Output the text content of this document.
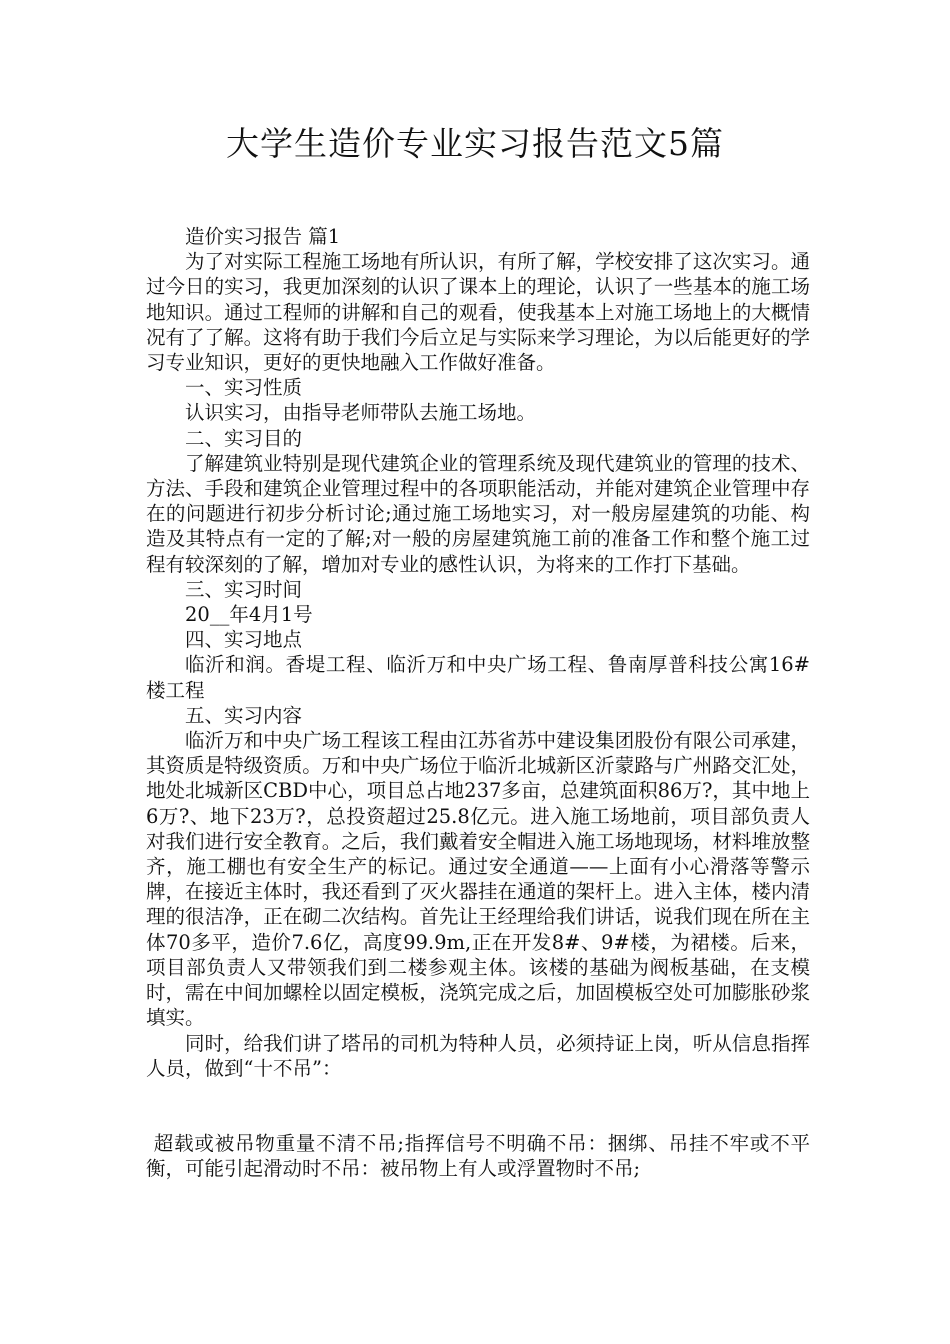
大学生造价专业实习报告范文5篇

造价实习报告 篇1

为了对实际工程施工场地有所认识，有所了解，学校安排了这次实习。通过今日的实习，我更加深刻的认识了课本上的理论，认识了一些基本的施工场地知识。通过工程师的讲解和自己的观看，使我基本上对施工场地上的大概情况有了了解。这将有助于我们今后立足与实际来学习理论，为以后能更好的学习专业知识，更好的更快地融入工作做好准备。

一、实习性质

认识实习，由指导老师带队去施工场地。

二、实习目的

了解建筑业特别是现代建筑企业的管理系统及现代建筑业的管理的技术、方法、手段和建筑企业管理过程中的各项职能活动，并能对建筑企业管理中存在的问题进行初步分析讨论;通过施工场地实习，对一般房屋建筑的功能、构造及其特点有一定的了解;对一般的房屋建筑施工前的准备工作和整个施工过程有较深刻的了解，增加对专业的感性认识，为将来的工作打下基础。

三、实习时间

20__年4月1号

四、实习地点

临沂和润。香堤工程、临沂万和中央广场工程、鲁南厚普科技公寓16#楼工程

五、实习内容

临沂万和中央广场工程该工程由江苏省苏中建设集团股份有限公司承建，其资质是特级资质。万和中央广场位于临沂北城新区沂蒙路与广州路交汇处，地处北城新区CBD中心，项目总占地237多亩，总建筑面积86万?，其中地上6万?、地下23万?，总投资超过25.8亿元。进入施工场地前，项目部负责人对我们进行安全教育。之后，我们戴着安全帽进入施工场地现场，材料堆放整齐，施工棚也有安全生产的标记。通过安全通道——上面有小心滑落等警示牌，在接近主体时，我还看到了灭火器挂在通道的架杆上。进入主体，楼内清理的很洁净，正在砌二次结构。首先让王经理给我们讲话，说我们现在所在主体70多平，造价7.6亿，高度99.9m,正在开发8#、9#楼，为裙楼。后来，项目部负责人又带领我们到二楼参观主体。该楼的基础为阀板基础，在支模时，需在中间加螺栓以固定模板，浇筑完成之后，加固模板空处可加膨胀砂浆填实。

同时，给我们讲了塔吊的司机为特种人员，必须持证上岗，听从信息指挥人员，做到“十不吊”：

超载或被吊物重量不清不吊;指挥信号不明确不吊：捆绑、吊挂不牢或不平衡，可能引起滑动时不吊：被吊物上有人或浮置物时不吊;
